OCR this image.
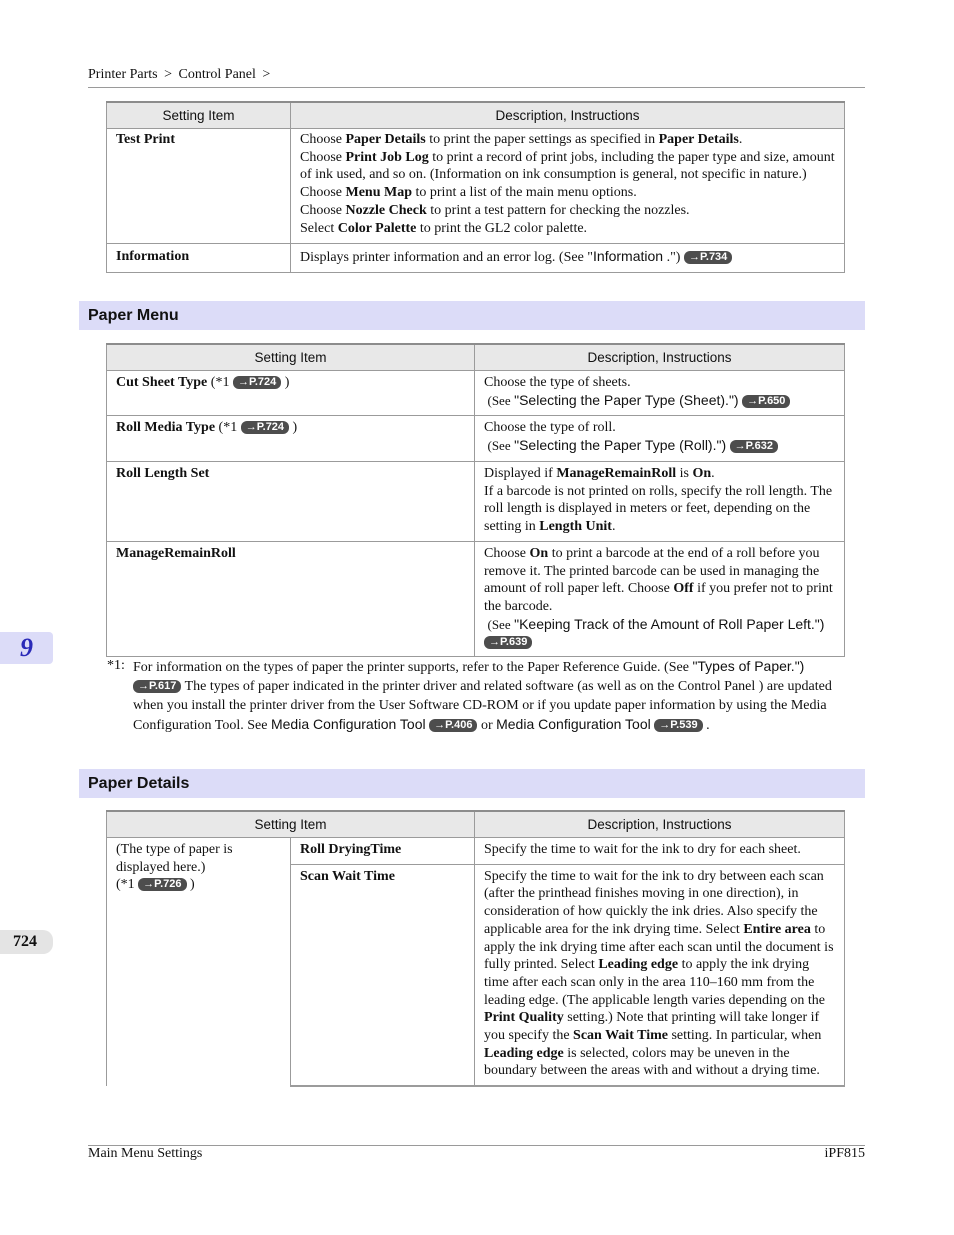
Printer Parts > Control Panel >
Setting Item	Description, Instructions
Test Print	Choose Paper Details to print the paper settings as specified in Paper Details.
Choose Print Job Log to print a record of print jobs, including the paper type and size, amount of ink used, and so on. (Information on ink consumption is general, not specific in nature.)
Choose Menu Map to print a list of the main menu options.
Choose Nozzle Check to print a test pattern for checking the nozzles.
Select Color Palette to print the GL2 color palette.

Information	Displays printer information and an error log. (See "Information .") →P.734
Paper Menu
Setting Item	Description, Instructions
Cut Sheet Type (*1 →P.724 )	Choose the type of sheets.
(See "Selecting the Paper Type (Sheet).") →P.650

Roll Media Type (*1 →P.724 )	Choose the type of roll.
(See "Selecting the Paper Type (Roll).") →P.632

Roll Length Set	Displayed if ManageRemainRoll is On.
If a barcode is not printed on rolls, specify the roll length. The roll length is displayed in meters or feet, depending on the setting in Length Unit.

ManageRemainRoll	Choose On to print a barcode at the end of a roll before you remove it. The printed barcode can be used in managing the amount of roll paper left. Choose Off if you prefer not to print the barcode.
(See "Keeping Track of the Amount of Roll Paper Left.") →P.639
*1: For information on the types of paper the printer supports, refer to the Paper Reference Guide. (See "Types of Paper.") →P.617 The types of paper indicated in the printer driver and related software (as well as on the Control Panel ) are updated when you install the printer driver from the User Software CD-ROM or if you update paper information by using the Media Configuration Tool. See Media Configuration Tool →P.406 or Media Configuration Tool →P.539 .
Paper Details
Setting Item		Description, Instructions

(The type of paper is displayed here.)
(*1 →P.726 )	Roll DryingTime	Specify the time to wait for the ink to dry for each sheet.
	Scan Wait Time	Specify the time to wait for the ink to dry between each scan (after the printhead finishes moving in one direction), in consideration of how quickly the ink dries. Also specify the applicable area for the ink drying time. Select Entire area to apply the ink drying time after each scan until the document is fully printed. Select Leading edge to apply the ink drying time after each scan only in the area 110–160 mm from the leading edge. (The applicable length varies depending on the Print Quality setting.) Note that printing will take longer if you specify the Scan Wait Time setting. In particular, when Leading edge is selected, colors may be uneven in the boundary between the areas with and without a drying time.
9
724
Main Menu Settings	iPF815
